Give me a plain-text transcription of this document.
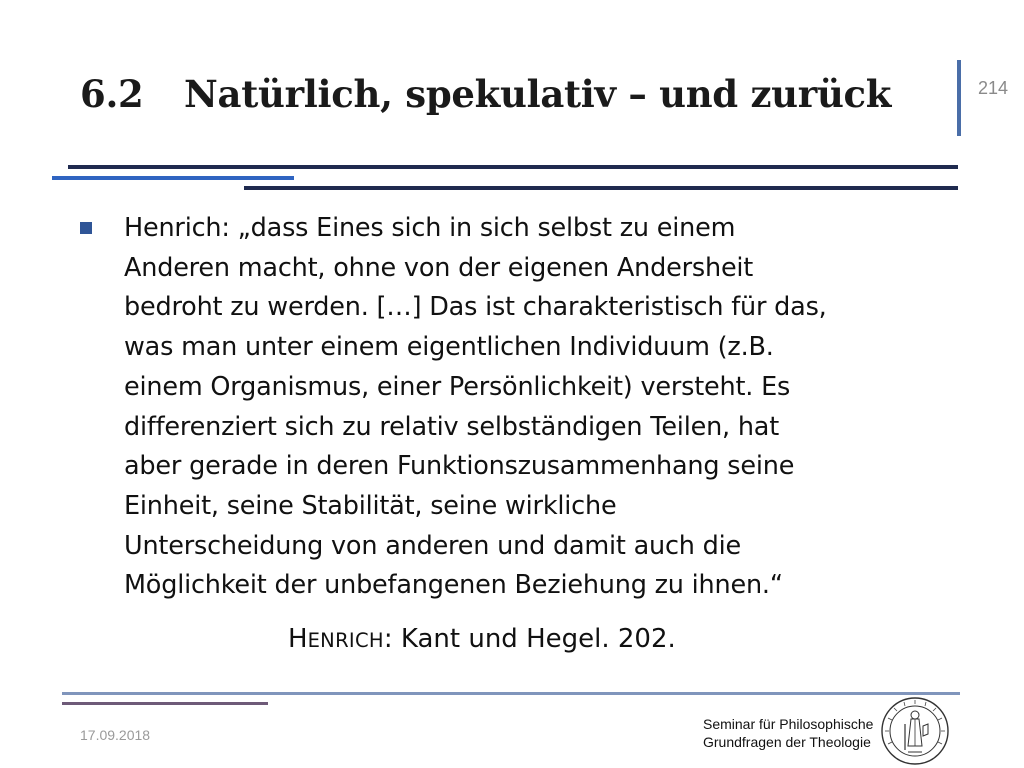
6.2 Natürlich, spekulativ – und zurück	214

Henrich: „dass Eines sich in sich selbst zu einem
Anderen macht, ohne von der eigenen Andersheit
bedroht zu werden. […] Das ist charakteristisch für das,
was man unter einem eigentlichen Individuum (z.B.
einem Organismus, einer Persönlichkeit) versteht. Es
differenziert sich zu relativ selbständigen Teilen, hat
aber gerade in deren Funktionszusammenhang seine
Einheit, seine Stabilität, seine wirkliche
Unterscheidung von anderen und damit auch die
Möglichkeit der unbefangenen Beziehung zu ihnen.“

HENRICH: Kant und Hegel. 202.
17.09.2018
Seminar für Philosophische
Grundfragen der Theologie
